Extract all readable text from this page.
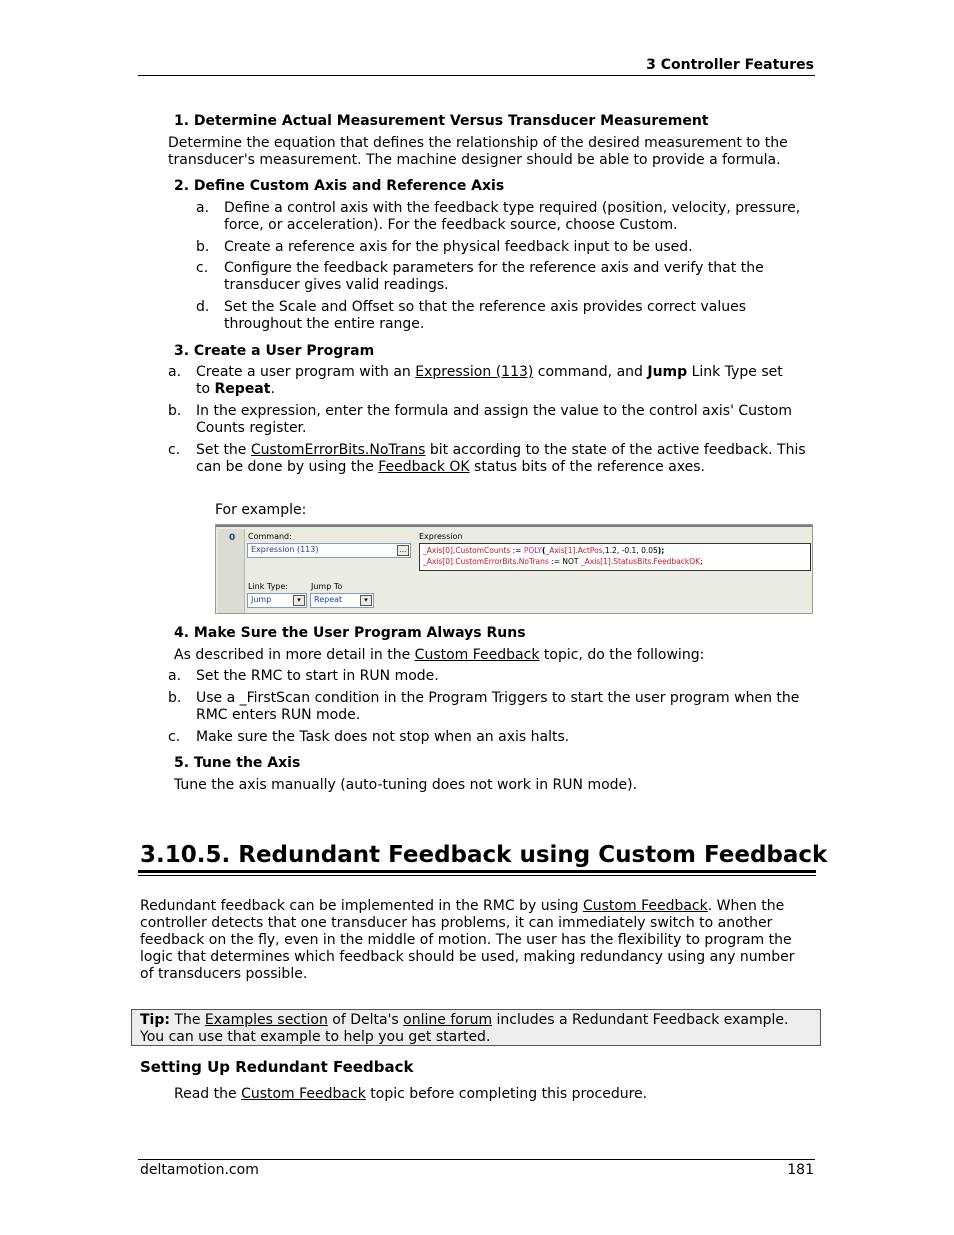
3 Controller Features
1. Determine Actual Measurement Versus Transducer Measurement
Determine the equation that defines the relationship of the desired measurement to the
transducer's measurement. The machine designer should be able to provide a formula.
2. Define Custom Axis and Reference Axis
a. Define a control axis with the feedback type required (position, velocity, pressure,
force, or acceleration). For the feedback source, choose Custom.
b. Create a reference axis for the physical feedback input to be used.
c. Configure the feedback parameters for the reference axis and verify that the
transducer gives valid readings.
d. Set the Scale and Offset so that the reference axis provides correct values
throughout the entire range.
3. Create a User Program
a. Create a user program with an Expression (113) command, and Jump Link Type set
to Repeat.
b. In the expression, enter the formula and assign the value to the control axis' Custom
Counts register.
c. Set the CustomErrorBits.NoTrans bit according to the state of the active feedback. This
can be done by using the Feedback OK status bits of the reference axes.
For example:
0 Command:
Expression (113)	...
Expression
_Axis[0].CustomCounts := POLY(_Axis[1].ActPos,1.2, -0.1, 0.05);
_Axis[0].CustomErrorBits.NoTrans := NOT _Axis[1].StatusBits.FeedbackOK;
Link Type:
Jump	▾
Jump To
Repeat	▾
4. Make Sure the User Program Always Runs
As described in more detail in the Custom Feedback topic, do the following:
a. Set the RMC to start in RUN mode.
b. Use a _FirstScan condition in the Program Triggers to start the user program when the
RMC enters RUN mode.
c. Make sure the Task does not stop when an axis halts.
5. Tune the Axis
Tune the axis manually (auto-tuning does not work in RUN mode).
3.10.5. Redundant Feedback using Custom Feedback
Redundant feedback can be implemented in the RMC by using Custom Feedback. When the
controller detects that one transducer has problems, it can immediately switch to another
feedback on the fly, even in the middle of motion. The user has the flexibility to program the
logic that determines which feedback should be used, making redundancy using any number
of transducers possible.
Tip: The Examples section of Delta's online forum includes a Redundant Feedback example.
You can use that example to help you get started.
Setting Up Redundant Feedback
Read the Custom Feedback topic before completing this procedure.
deltamotion.com	181
